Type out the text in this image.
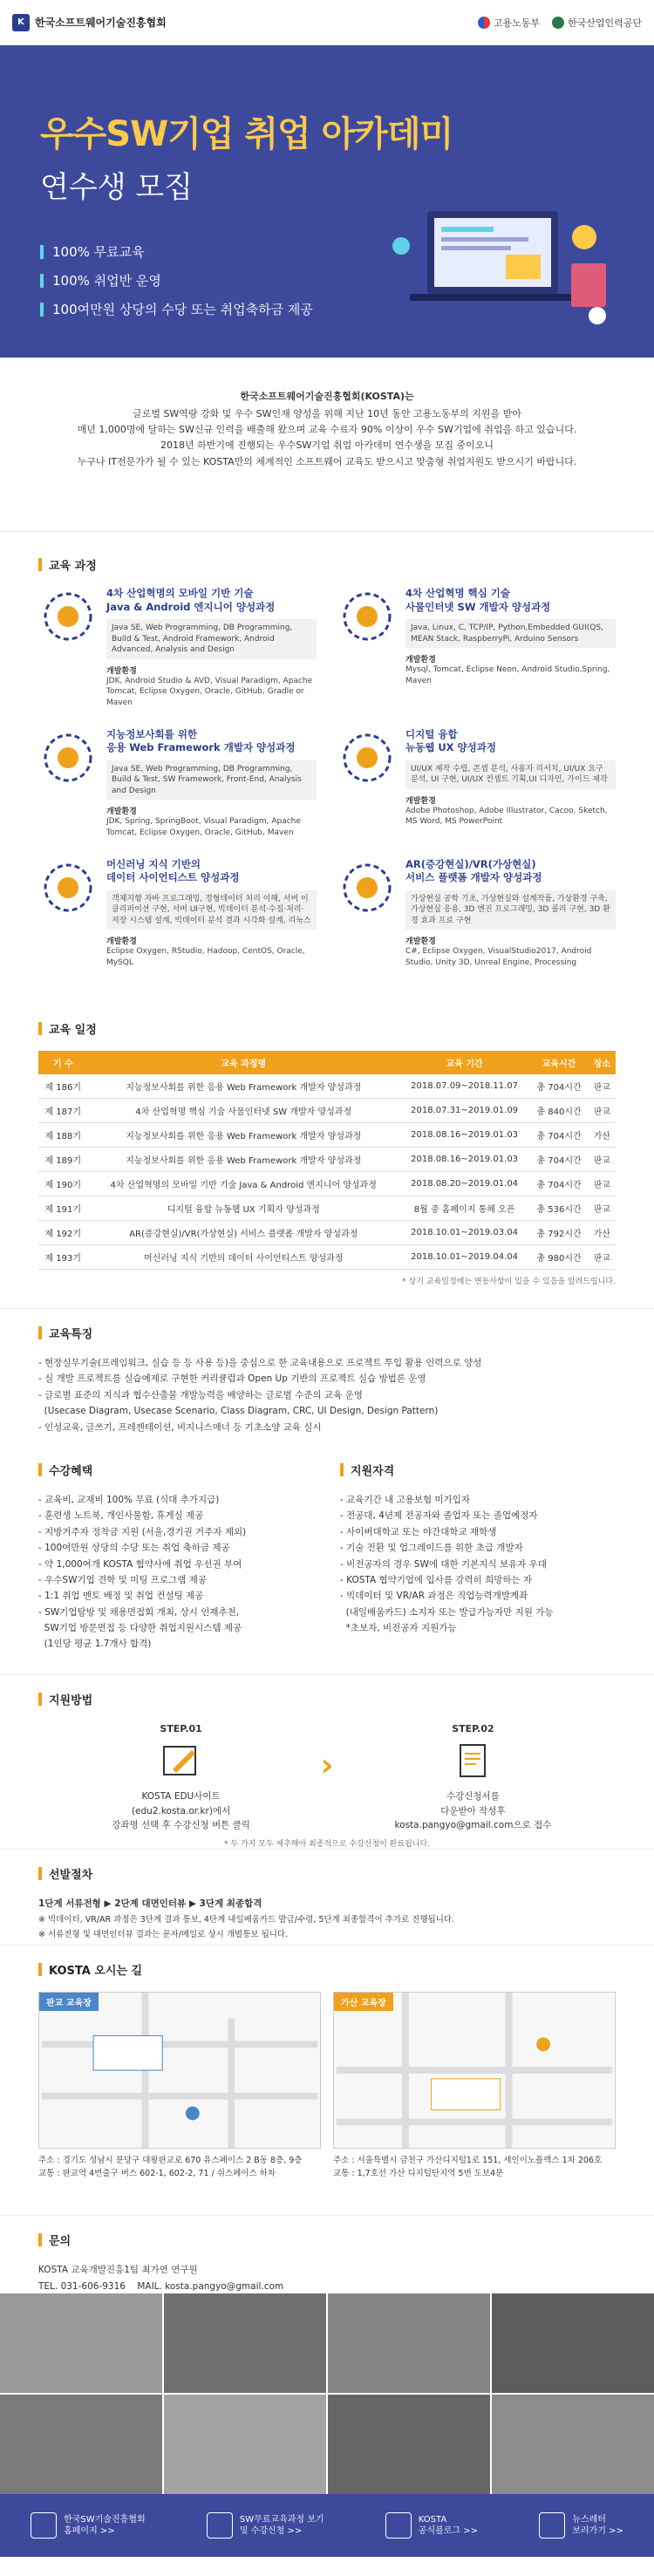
K	한국소프트웨어기술진흥협회	고용노동부	한국산업인력공단
우수SW기업 취업 아카데미
연수생 모집
100% 무료교육
100% 취업반 운영
100여만원 상당의 수당 또는 취업축하금 제공
한국소프트웨어기술진흥협회(KOSTA)는
글로벌 SW역량 강화 및 우수 SW인재 양성을 위해 지난 10년 동안 고용노동부의 지원을 받아
매년 1,000명에 달하는 SW신규 인력을 배출해 왔으며 교육 수료자 90% 이상이 우수 SW기업에 취업을 하고 있습니다.
2018년 하반기에 진행되는 우수SW기업 취업 아카데미 연수생을 모집 중이오니
누구나 IT전문가가 될 수 있는 KOSTA만의 체계적인 소프트웨어 교육도 받으시고 맞춤형 취업지원도 받으시기 바랍니다.
교육 과정
4차 산업혁명의 모바일 기반 기술
Java & Android 엔지니어 양성과정
Java SE, Web Programming, DB Programming, Build & Test, Android Framework, Android Advanced, Analysis and Design
개발환경
JDK, Android Studio & AVD, Visual Paradigm, Apache Tomcat, Eclipse Oxygen, Oracle, GitHub, Gradle or Maven
4차 산업혁명 핵심 기술
사물인터넷 SW 개발자 양성과정
Java, Linux, C, TCP/IP, Python,Embedded GUI(QS, MEAN Stack, RaspberryPi, Arduino Sensors
개발환경
Mysql, Tomcat, Eclipse Neon, Android Studio,Spring, Maven
지능정보사회를 위한
응용 Web Framework 개발자 양성과정
Java SE, Web Programming, DB Programming, Build & Test, SW Framework, Front-End, Analysis and Design
개발환경
JDK, Spring, SpringBoot, Visual Paradigm, Apache Tomcat, Eclipse Oxygen, Oracle, GitHub, Maven
디지털 융합
뉴동웹 UX 양성과정
UI/UX 제작 수립, 콘셉 분석, 사용자 리서치, UI/UX 요구분석, UI 구현, UI/UX 컨셉트 기획,UI 디자인, 가이드 제작
개발환경
Adobe Photoshop, Adobe Illustrator, Cacoo, Sketch, MS Word, MS PowerPoint
머신러닝 지식 기반의
데이터 사이언티스트 양성과정
객체지향 자바 프로그래밍, 정형데이터 처리 이해, 서버 이클리퍼이션 구현, 서버 UI구현, 빅데이터 분석·수집·처리·저장 시스템 설계, 빅데이터 분석 결과 시각화 설계, 리눅스
개발환경
Eclipse Oxygen, RStudio, Hadoop, CentOS, Oracle, MySQL
AR(증강현실)/VR(가상현실)
서비스 플랫폼 개발자 양성과정
가상현실 공학 기초, 가상현실와 설계작품, 가상환경 구축, 가상현실 응용, 3D 엔진 프로그래밍, 3D 콜리 구현, 3D 환경 효과 프로 구현
개발환경
C#, Eclipse Oxygen, VisualStudio2017, Android Studio, Unity 3D, Unreal Engine, Processing
교육 일정
기 수	교육 과정명	교육 기간	교육시간	장소
제 186기	지능정보사회를 위한 응용 Web Framework 개발자 양성과정	2018.07.09~2018.11.07	총 704시간	판교
제 187기	4차 산업혁명 핵심 기술 사물인터넷 SW 개발자 양성과정	2018.07.31~2019.01.09	총 840시간	판교
제 188기	지능정보사회를 위한 응용 Web Framework 개발자 양성과정	2018.08.16~2019.01.03	총 704시간	가산
제 189기	지능정보사회를 위한 응용 Web Framework 개발자 양성과정	2018.08.16~2019.01.03	총 704시간	판교
제 190기	4차 산업혁명의 모바일 기반 기술 Java & Android 엔지니어 양성과정	2018.08.20~2019.01.04	총 704시간	판교
제 191기	디지털 융합 뉴동웹 UX 기획자 양성과정	8월 중 홈페이지 통해 오픈	총 536시간	판교
제 192기	AR(증강현실)/VR(가상현실) 서비스 플랫폼 개발자 양성과정	2018.10.01~2019.03.04	총 792시간	가산
제 193기	머신러닝 지식 기반의 데이터 사이언티스트 양성과정	2018.10.01~2019.04.04	총 980시간	판교
* 상기 교육일정에는 변동사항이 있을 수 있음을 알려드립니다.
교육특징
- 현장실무기술(프레임워크, 실습 등 등 사용 등)을 중심으로 한 교육내용으로 프로젝트 투입 활용 인력으로 양성
- 실 개발 프로젝트를 실습예제로 구현한 커리큘럼과 Open Up 기반의 프로젝트 실습 방법론 운영
- 글로벌 표준의 지식과 협수산출물 개발능력을 배양하는 글로벌 수준의 교육 운영
(Usecase Diagram, Usecase Scenario, Class Diagram, CRC, UI Design, Design Pattern)
- 인성교육, 글쓰기, 프레젠테이션, 비지니스매너 등 기초소양 교육 실시
수강혜택
- 교육비, 교재비 100% 무료 (식대 추가지급)
- 훈련생 노트북, 개인사물함, 휴게실 제공
- 지방거주자 정착금 지원 (서울,경기권 거주자 제외)
- 100여만원 상당의 수당 또는 취업 축하금 제공
- 약 1,000여개 KOSTA 협약사에 취업 우선권 부여
- 우수SW기업 견학 및 미팅 프로그램 제공
- 1:1 취업 멘토 배정 및 취업 컨설팅 제공
- SW기업탐방 및 채용면접회 개최, 상시 인재추천,
SW기업 방문면접 등 다양한 취업지원시스템 제공
(1인당 평균 1.7개사 합격)
지원자격
- 교육기간 내 고용보험 미가입자
- 전공대, 4년제 전공자와 졸업자 또는 졸업예정자
- 사이버대학교 또는 야간대학교 재학생
- 기술 전환 및 업그레이드를 위한 초급 개발자
- 비전공자의 경우 SW에 대한 기본지식 보유자 우대
- KOSTA 협약기업에 입사를 강력히 희망하는 자
- 빅데이터 및 VR/AR 과정은 직업능력개발계좌
(내일배움카드) 소지자 또는 발급가능자만 지원 가능
*초보자, 비전공자 지원가능
지원방법
STEP.01
KOSTA EDU사이트
(edu2.kosta.or.kr)에서
강좌명 선택 후 수강신청 버튼 클릭
›
STEP.02
수강신청서를
다운받아 작성후
kosta.pangyo@gmail.com으로 접수
* 두 가지 모두 제추해야 최종적으로 수강신청이 완료됩니다.
선발절차
1단계 서류전형 ▶ 2단계 대면인터뷰 ▶ 3단계 최종합격
※ 빅데이터, VR/AR 과정은 3단계 결과 통보, 4단계 내일배움카드 발급/수령, 5단계 최종합격이 추가로 진행됩니다.
※ 서류전형 및 대면인터뷰 결과는 문자/메일로 상시 개별통보 됩니다.
KOSTA 오시는 길
판교 교육장
주소 : 경기도 성남시 분당구 대왕판교로 670 유스페이스 2 B동 8층, 9층
교통 : 판교역 4번출구 버스 602-1, 602-2, 71 / 쉬스페이스 하차
가산 교육장
주소 : 서울특별시 금천구 가산디지털1로 151, 세인이노플렉스 1차 206호
교통 : 1,7호선 가산 디지털단지역 5번 도보4분
문의
KOSTA 교육개발진흥1팀 최가연 연구원
TEL. 031-606-9316 MAIL. kosta.pangyo@gmail.com
한국SW기술진흥협회
홈페이지 >>
SW무료교육과정 보기
및 수강신청 >>
KOSTA
공식블로그 >>
뉴스레터
보러가기 >>
